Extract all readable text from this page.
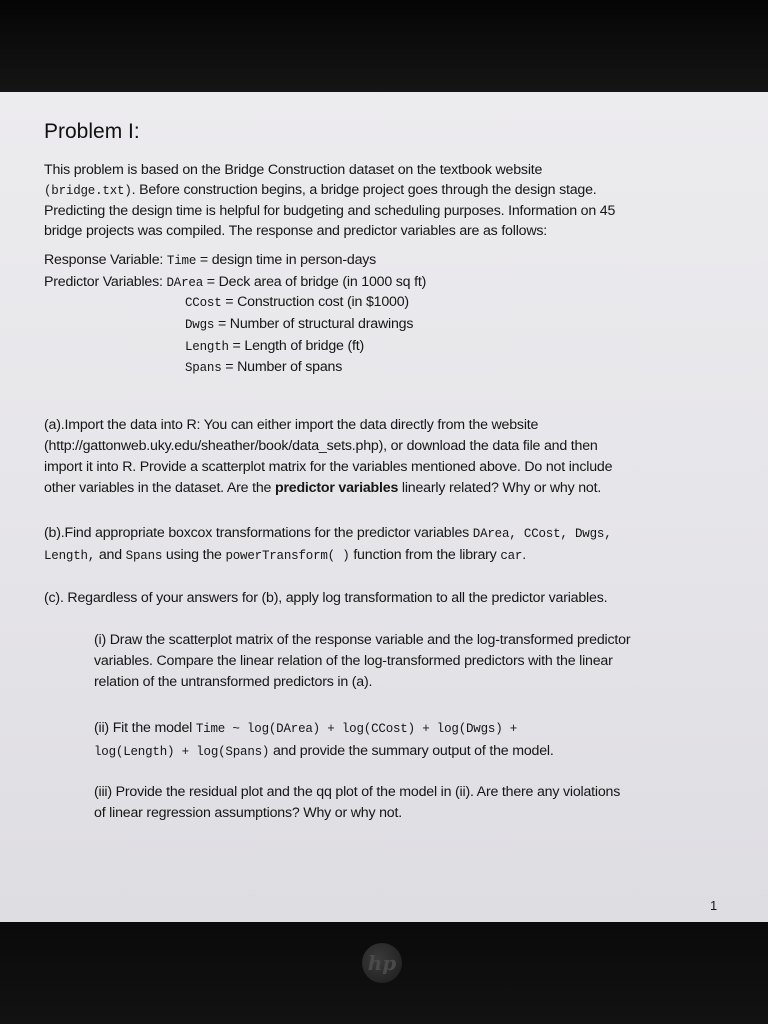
Problem I:
This problem is based on the Bridge Construction dataset on the textbook website
(bridge.txt). Before construction begins, a bridge project goes through the design stage.
Predicting the design time is helpful for budgeting and scheduling purposes. Information on 45
bridge projects was compiled. The response and predictor variables are as follows:
Response Variable: Time = design time in person-days
Predictor Variables: DArea = Deck area of bridge (in 1000 sq ft)
CCost = Construction cost (in $1000)
Dwgs = Number of structural drawings
Length = Length of bridge (ft)
Spans = Number of spans
(a).Import the data into R: You can either import the data directly from the website
(http://gattonweb.uky.edu/sheather/book/data_sets.php), or download the data file and then
import it into R. Provide a scatterplot matrix for the variables mentioned above. Do not include
other variables in the dataset. Are the predictor variables linearly related? Why or why not.
(b).Find appropriate boxcox transformations for the predictor variables DArea, CCost, Dwgs,
Length, and Spans using the powerTransform( ) function from the library car.
(c). Regardless of your answers for (b), apply log transformation to all the predictor variables.
(i) Draw the scatterplot matrix of the response variable and the log-transformed predictor
variables. Compare the linear relation of the log-transformed predictors with the linear
relation of the untransformed predictors in (a).
(ii) Fit the model Time ~ log(DArea) + log(CCost) + log(Dwgs) +
log(Length) + log(Spans) and provide the summary output of the model.
(iii) Provide the residual plot and the qq plot of the model in (ii). Are there any violations
of linear regression assumptions? Why or why not.
1
hp
